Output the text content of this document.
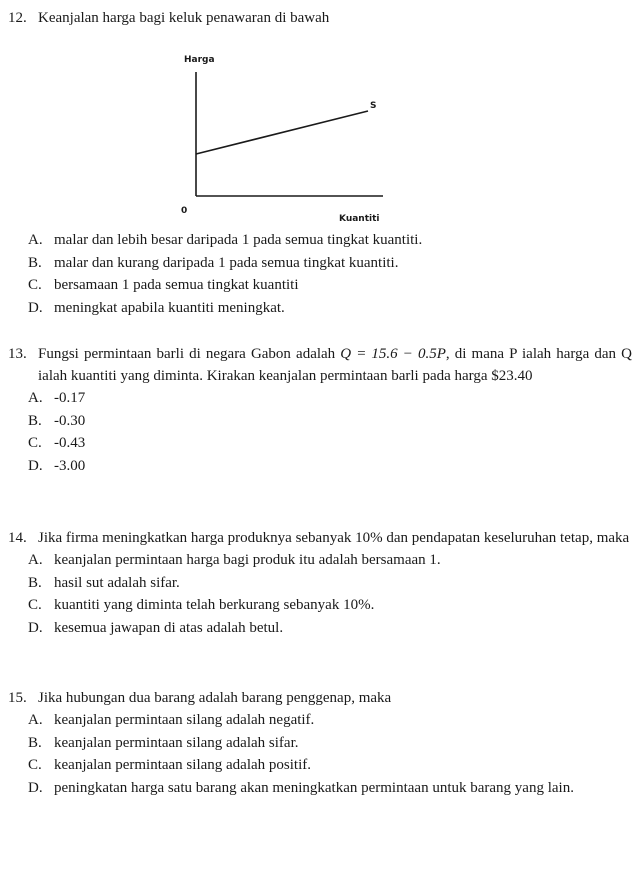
12. Keanjalan harga bagi keluk penawaran di bawah
Harga
S
0
Kuantiti
A. malar dan lebih besar daripada 1 pada semua tingkat kuantiti.
B. malar dan kurang daripada 1 pada semua tingkat kuantiti.
C. bersamaan 1 pada semua tingkat kuantiti
D. meningkat apabila kuantiti meningkat.
13. Fungsi permintaan barli di negara Gabon adalah Q = 15.6 − 0.5P, di mana P ialah harga dan Q ialah kuantiti yang diminta. Kirakan keanjalan permintaan barli pada harga $23.40
A. -0.17
B. -0.30
C. -0.43
D. -3.00
14. Jika firma meningkatkan harga produknya sebanyak 10% dan pendapatan keseluruhan tetap, maka
A. keanjalan permintaan harga bagi produk itu adalah bersamaan 1.
B. hasil sut adalah sifar.
C. kuantiti yang diminta telah berkurang sebanyak 10%.
D. kesemua jawapan di atas adalah betul.
15. Jika hubungan dua barang adalah barang penggenap, maka
A. keanjalan permintaan silang adalah negatif.
B. keanjalan permintaan silang adalah sifar.
C. keanjalan permintaan silang adalah positif.
D. peningkatan harga satu barang akan meningkatkan permintaan untuk barang yang lain.
